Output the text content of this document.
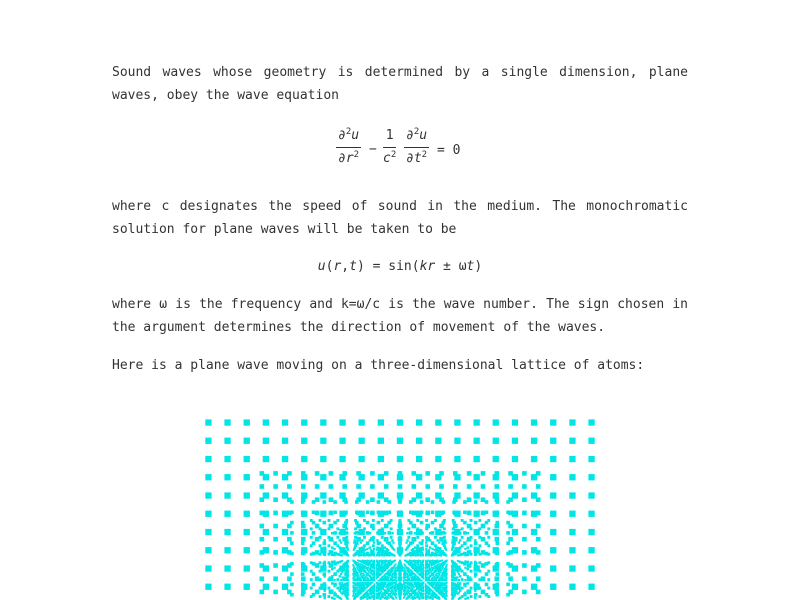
Sound waves whose geometry is determined by a single dimension, plane waves, obey the wave equation

$\frac{\partial^2u}{\partial r^2} - \frac{1}{c^2} \frac{\partial^2u}{\partial t^2} = 0$

where c designates the speed of sound in the medium. The monochromatic solution for plane waves will be taken to be

u(r,t) = sin(kr ± ωt)

where ω is the frequency and k=ω/c is the wave number. The sign chosen in the argument determines the direction of movement of the waves.

Here is a plane wave moving on a three-dimensional lattice of atoms:
